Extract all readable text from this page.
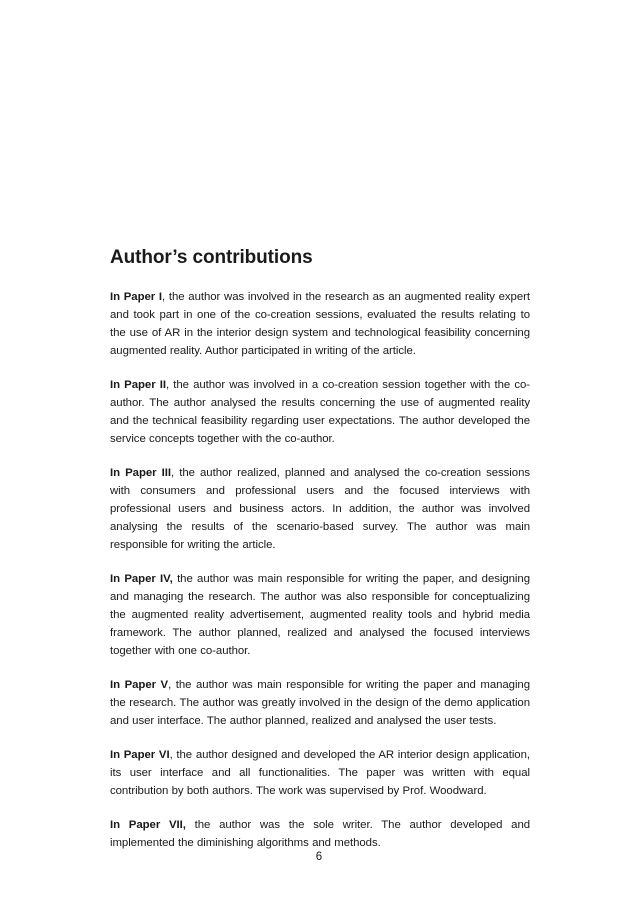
Author’s contributions

In Paper I, the author was involved in the research as an augmented reality expert and took part in one of the co-creation sessions, evaluated the results relating to the use of AR in the interior design system and technological feasibility concerning augmented reality. Author participated in writing of the article.

In Paper II, the author was involved in a co-creation session together with the co-author. The author analysed the results concerning the use of augmented reality and the technical feasibility regarding user expectations. The author developed the service concepts together with the co-author.

In Paper III, the author realized, planned and analysed the co-creation sessions with consumers and professional users and the focused interviews with professional users and business actors. In addition, the author was involved analysing the results of the scenario-based survey. The author was main responsible for writing the article.

In Paper IV, the author was main responsible for writing the paper, and designing and managing the research. The author was also responsible for conceptualizing the augmented reality advertisement, augmented reality tools and hybrid media framework. The author planned, realized and analysed the focused interviews together with one co-author.

In Paper V, the author was main responsible for writing the paper and managing the research. The author was greatly involved in the design of the demo application and user interface. The author planned, realized and analysed the user tests.

In Paper VI, the author designed and developed the AR interior design application, its user interface and all functionalities. The paper was written with equal contribution by both authors. The work was supervised by Prof. Woodward.

In Paper VII, the author was the sole writer. The author developed and implemented the diminishing algorithms and methods.

6
